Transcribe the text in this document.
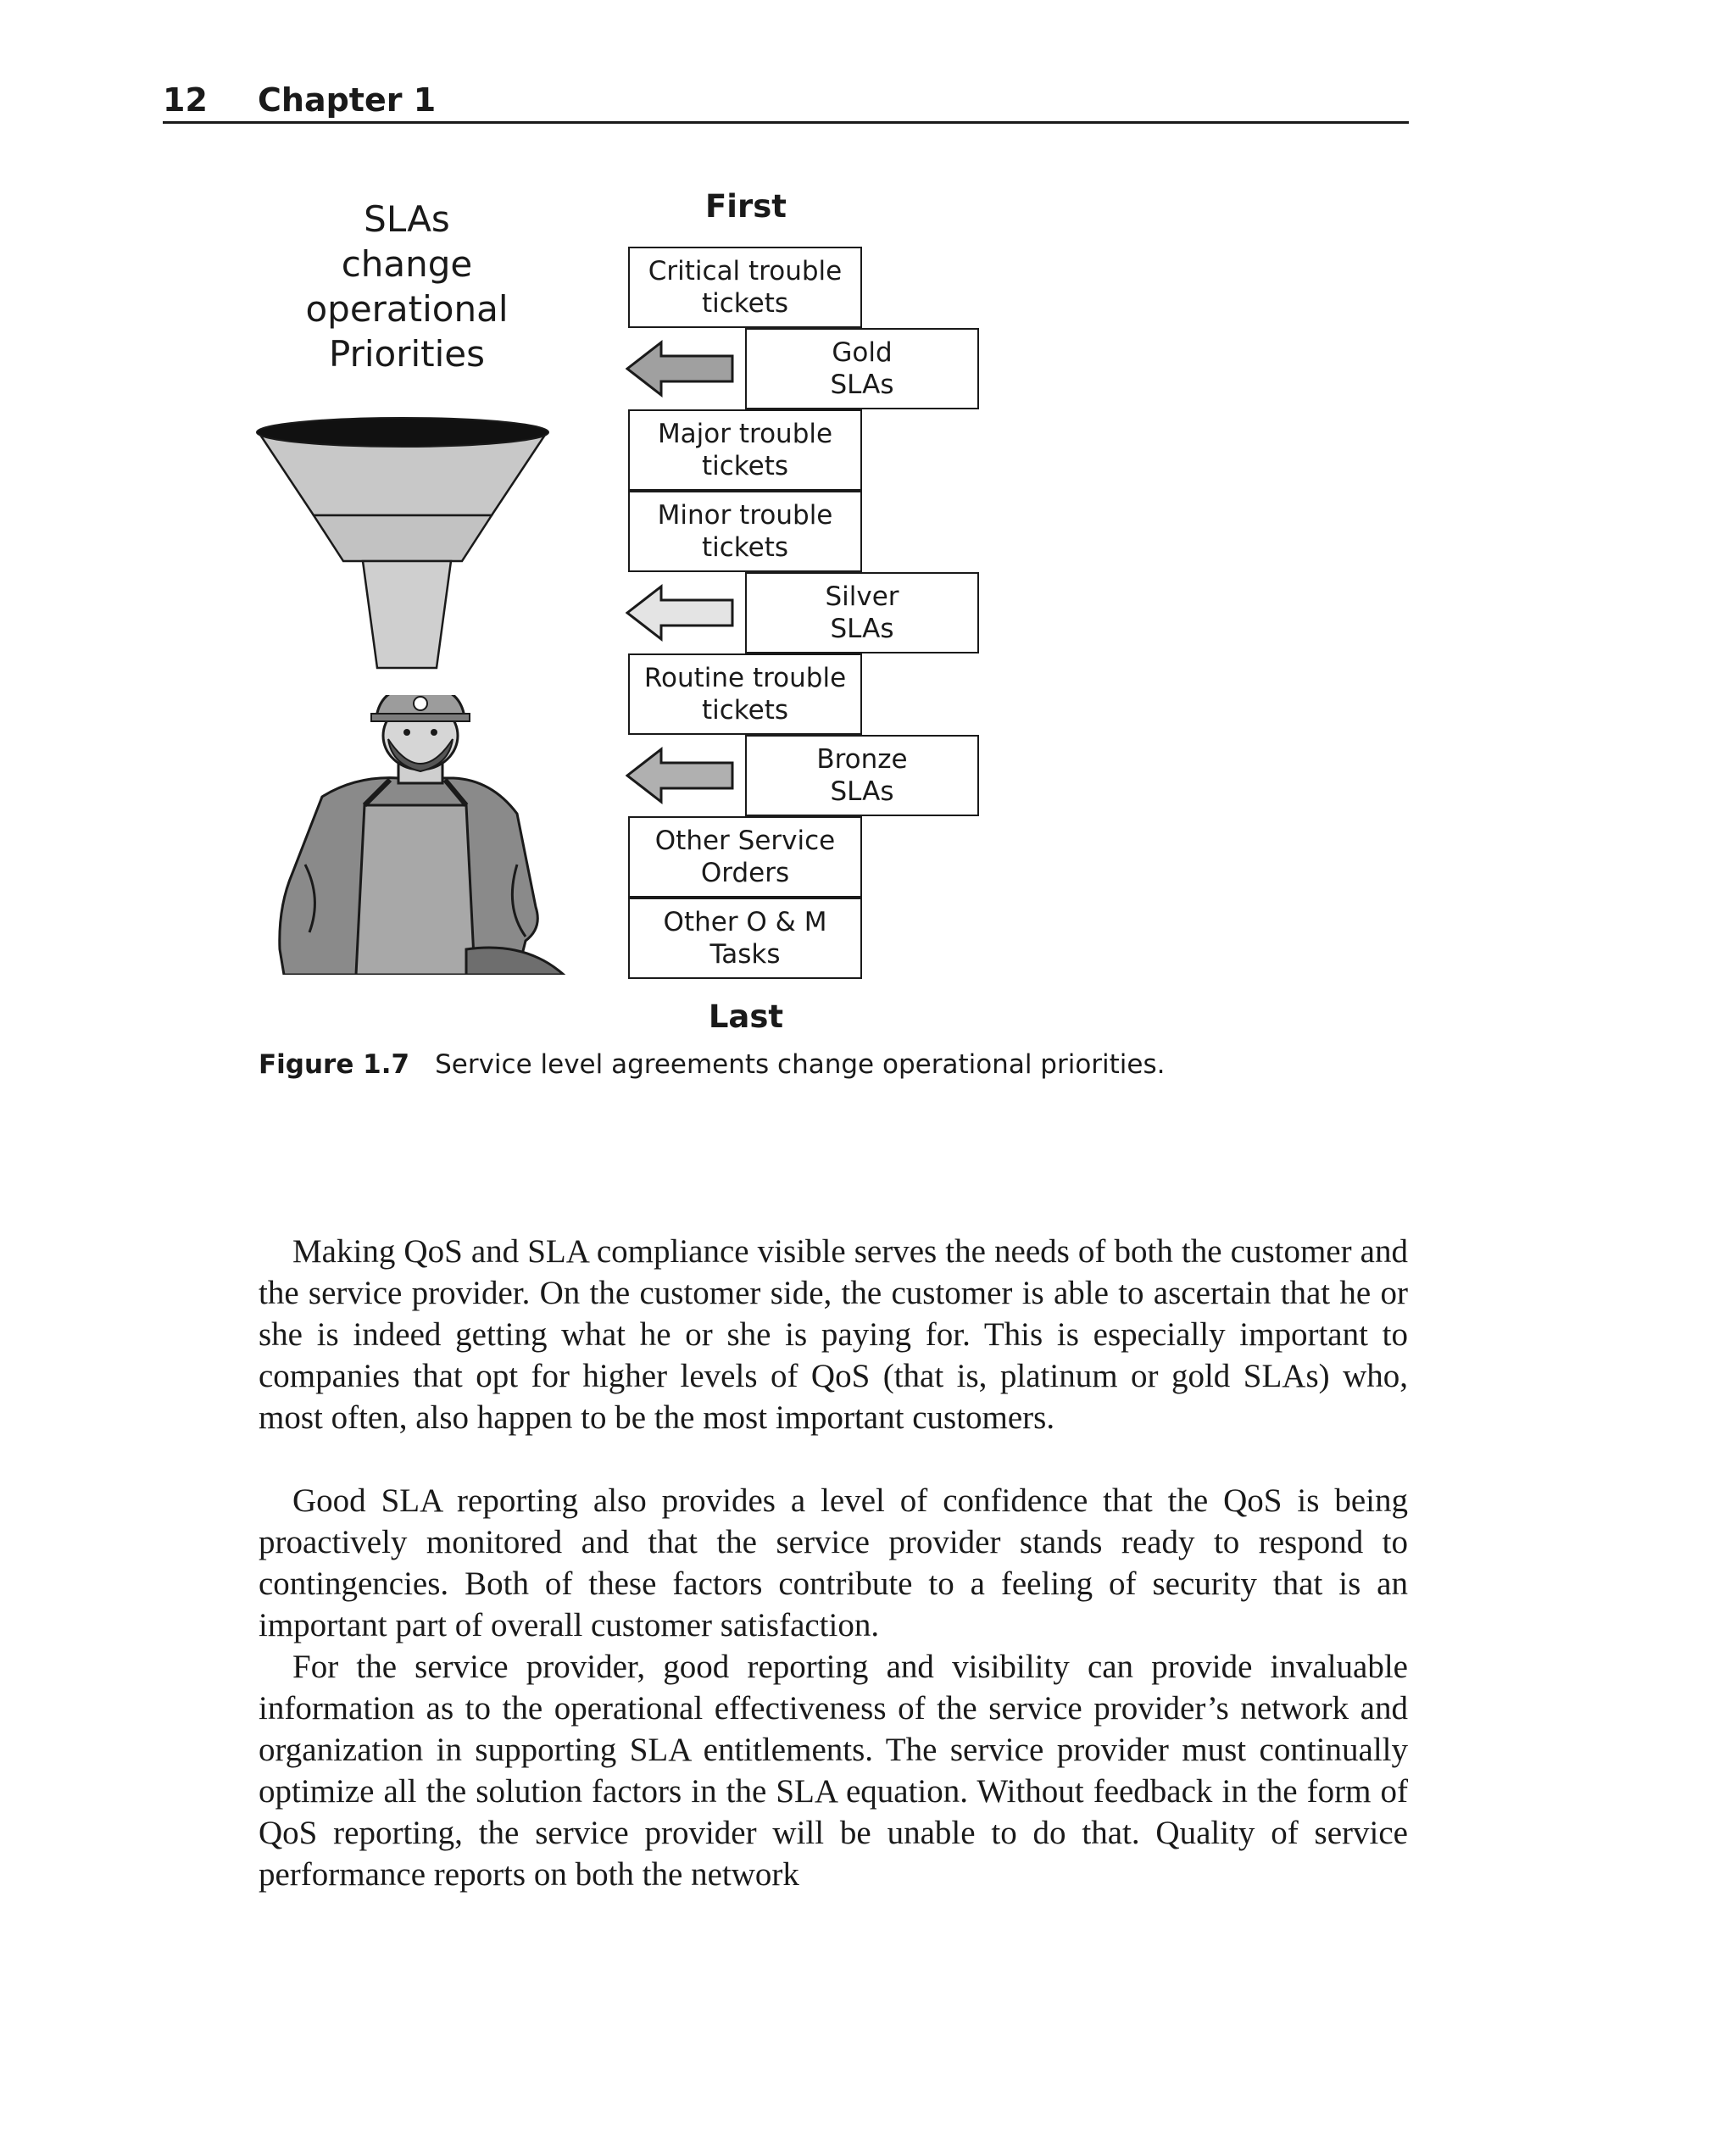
12 Chapter 1
SLAs
change
operational
Priorities
First
Critical trouble
tickets
Gold
SLAs
Major trouble
tickets
Minor trouble
tickets
Silver
SLAs
Routine trouble
tickets
Bronze
SLAs
Other Service
Orders
Other O & M
Tasks
Last
Figure 1.7 Service level agreements change operational priorities.

Making QoS and SLA compliance visible serves the needs of both the customer and the service provider. On the customer side, the customer is able to ascertain that he or she is indeed getting what he or she is paying for. This is especially important to companies that opt for higher levels of QoS (that is, platinum or gold SLAs) who, most often, also happen to be the most important customers.

Good SLA reporting also provides a level of confidence that the QoS is being proactively monitored and that the service provider stands ready to respond to contingencies. Both of these factors contribute to a feeling of security that is an important part of overall customer satisfaction.

For the service provider, good reporting and visibility can provide invaluable information as to the operational effectiveness of the service provider’s network and organization in supporting SLA entitlements. The service provider must continually optimize all the solution factors in the SLA equation. Without feedback in the form of QoS reporting, the service provider will be unable to do that. Quality of service performance reports on both the network
